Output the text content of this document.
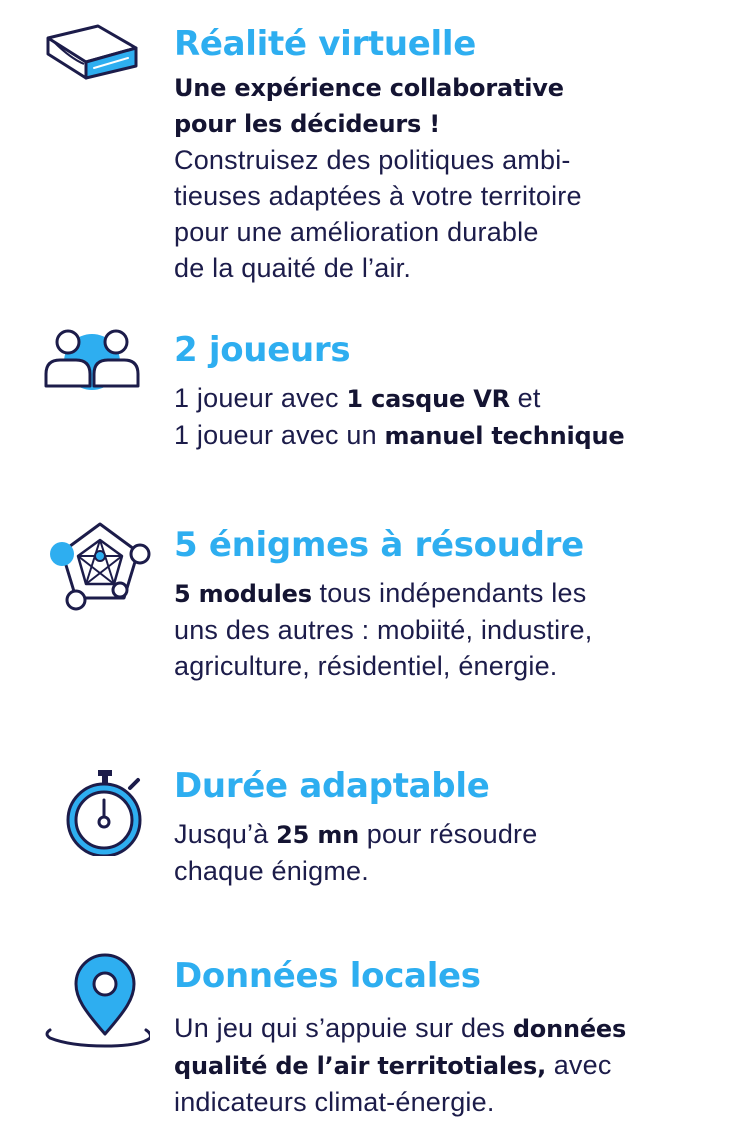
Réalité virtuelle

Une expérience collaborative

pour les décideurs !

Construisez des politiques ambi-

tieuses adaptées à votre territoire

pour une amélioration durable

de la quaité de l’air.

2 joueurs

1 joueur avec 1 casque VR et

1 joueur avec un manuel technique

5 énigmes à résoudre

5 modules tous indépendants les

uns des autres : mobiité, industire,

agriculture, résidentiel, énergie.

Durée adaptable

Jusqu’à 25 mn pour résoudre

chaque énigme.

Données locales

Un jeu qui s’appuie sur des données

qualité de l’air territotiales, avec

indicateurs climat-énergie.
